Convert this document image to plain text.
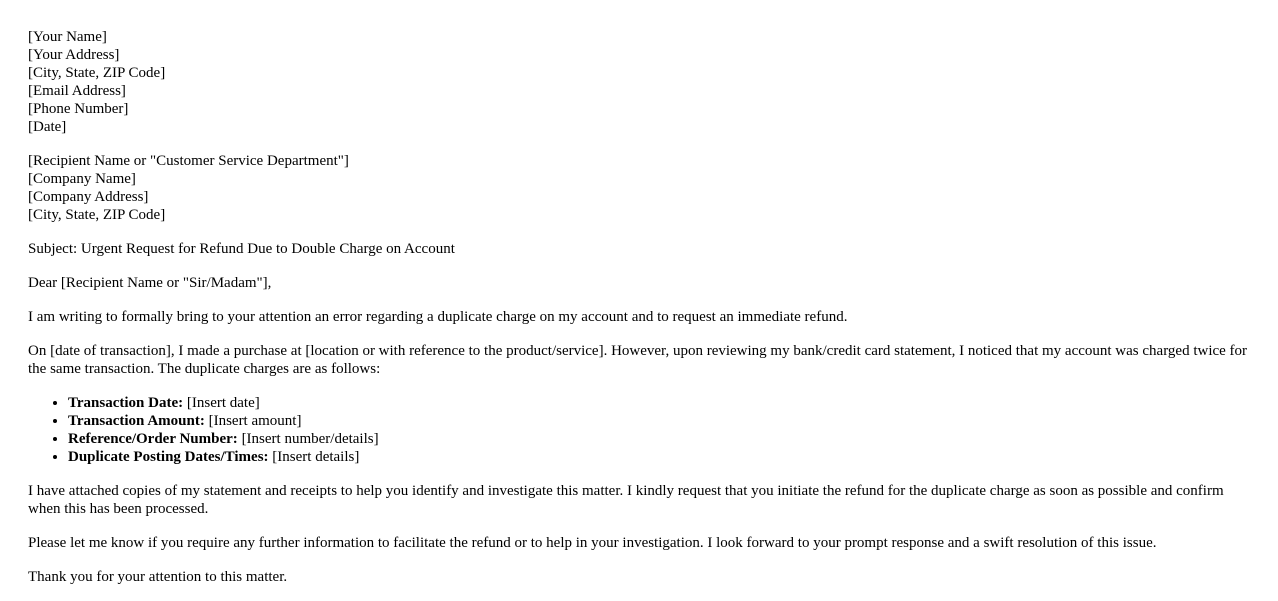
[Your Name]
[Your Address]
[City, State, ZIP Code]
[Email Address]
[Phone Number]
[Date]
[Recipient Name or "Customer Service Department"]
[Company Name]
[Company Address]
[City, State, ZIP Code]

Subject: Urgent Request for Refund Due to Double Charge on Account

Dear [Recipient Name or "Sir/Madam"],

I am writing to formally bring to your attention an error regarding a duplicate charge on my account and to request an immediate refund.

On [date of transaction], I made a purchase at [location or with reference to the product/service]. However, upon reviewing my bank/credit card statement, I noticed that my account was charged twice for the same transaction. The duplicate charges are as follows:

• Transaction Date: [Insert date]
• Transaction Amount: [Insert amount]
• Reference/Order Number: [Insert number/details]
• Duplicate Posting Dates/Times: [Insert details]

I have attached copies of my statement and receipts to help you identify and investigate this matter. I kindly request that you initiate the refund for the duplicate charge as soon as possible and confirm when this has been processed.

Please let me know if you require any further information to facilitate the refund or to help in your investigation. I look forward to your prompt response and a swift resolution of this issue.

Thank you for your attention to this matter.
